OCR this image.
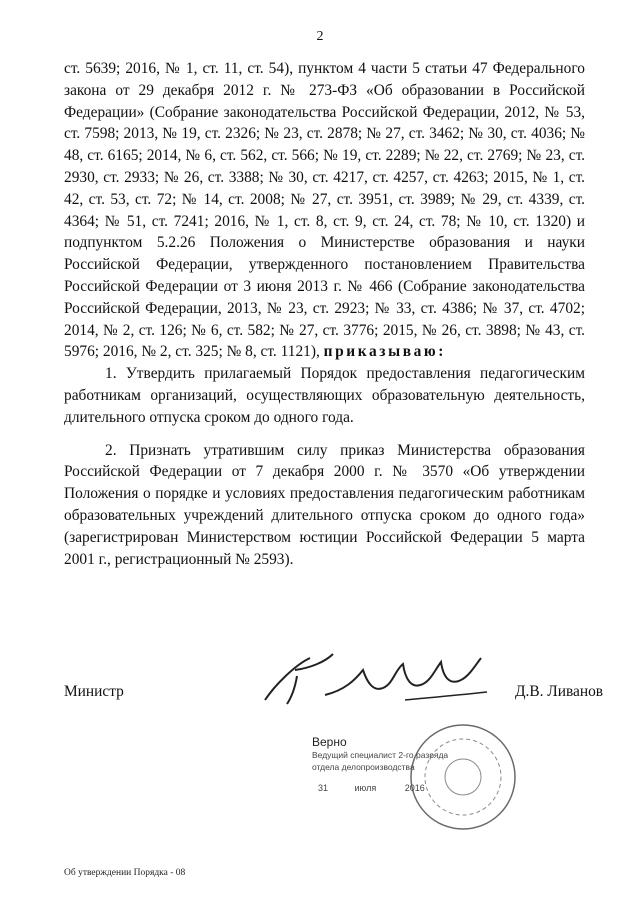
2

ст. 5639; 2016, № 1, ст. 11, ст. 54), пунктом 4 части 5 статьи 47 Федерального закона от 29 декабря 2012 г. № 273-ФЗ «Об образовании в Российской Федерации» (Собрание законодательства Российской Федерации, 2012, № 53, ст. 7598; 2013, № 19, ст. 2326; № 23, ст. 2878; № 27, ст. 3462; № 30, ст. 4036; № 48, ст. 6165; 2014, № 6, ст. 562, ст. 566; № 19, ст. 2289; № 22, ст. 2769; № 23, ст. 2930, ст. 2933; № 26, ст. 3388; № 30, ст. 4217, ст. 4257, ст. 4263; 2015, № 1, ст. 42, ст. 53, ст. 72; № 14, ст. 2008; № 27, ст. 3951, ст. 3989; № 29, ст. 4339, ст. 4364; № 51, ст. 7241; 2016, № 1, ст. 8, ст. 9, ст. 24, ст. 78; № 10, ст. 1320) и подпунктом 5.2.26 Положения о Министерстве образования и науки Российской Федерации, утвержденного постановлением Правительства Российской Федерации от 3 июня 2013 г. № 466 (Собрание законодательства Российской Федерации, 2013, № 23, ст. 2923; № 33, ст. 4386; № 37, ст. 4702; 2014, № 2, ст. 126; № 6, ст. 582; № 27, ст. 3776; 2015, № 26, ст. 3898; № 43, ст. 5976; 2016, № 2, ст. 325; № 8, ст. 1121), приказываю:

1. Утвердить прилагаемый Порядок предоставления педагогическим работникам организаций, осуществляющих образовательную деятельность, длительного отпуска сроком до одного года.

2. Признать утратившим силу приказ Министерства образования Российской Федерации от 7 декабря 2000 г. № 3570 «Об утверждении Положения о порядке и условиях предоставления педагогическим работникам образовательных учреждений длительного отпуска сроком до одного года» (зарегистрирован Министерством юстиции Российской Федерации 5 марта 2001 г., регистрационный № 2593).

Министр	Д.В. Ливанов
Верно
Ведущий специалист 2-го разряда
отдела делопроизводства
31	июля	2016
Об утверждении Порядка - 08
